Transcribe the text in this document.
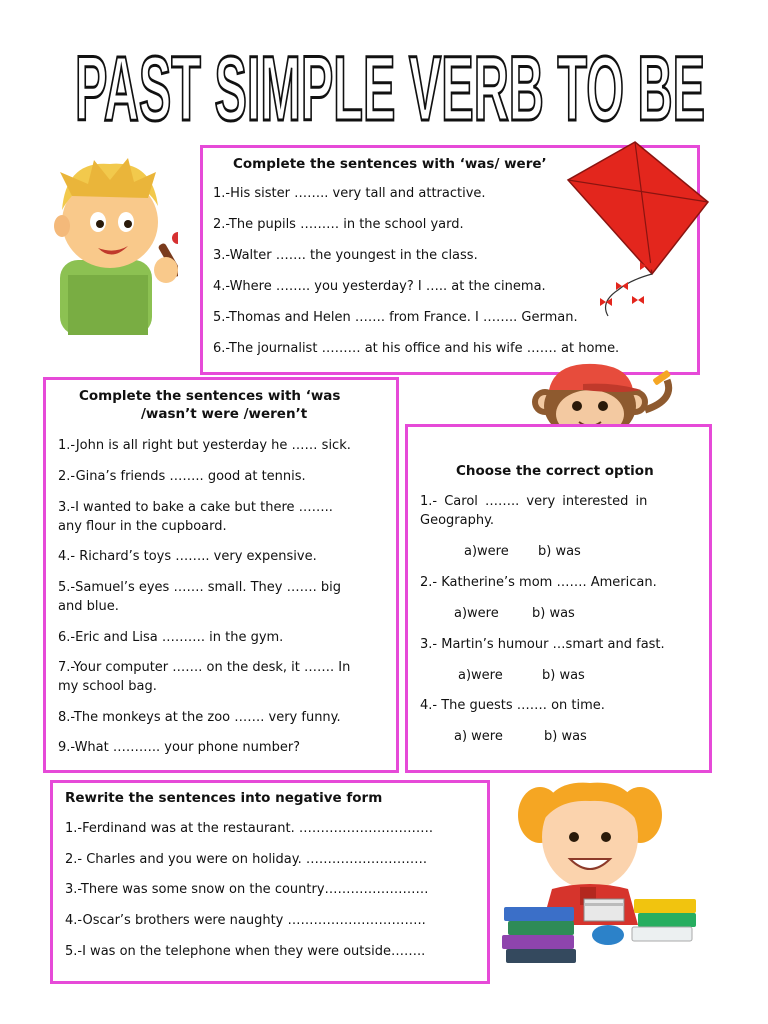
PAST SIMPLE VERB TO BE
Complete the sentences with ‘was/ were’
1.-His sister …….. very tall and attractive.
2.-The pupils ……… in the school yard.
3.-Walter ……. the youngest in the class.
4.-Where …….. you yesterday? I ….. at the cinema.
5.-Thomas and Helen ……. from France. I …….. German.
6.-The journalist ……… at his office and his wife ……. at home.
Complete the sentences with ‘was
/wasn’t were /weren’t
1.-John is all right but yesterday he …… sick.
2.-Gina’s friends …….. good at tennis.
3.-I wanted to bake a cake but there ……..
any flour in the cupboard.
4.- Richard’s toys …….. very expensive.
5.-Samuel’s eyes ……. small. They ……. big
and blue.
6.-Eric and Lisa ………. in the gym.
7.-Your computer ……. on the desk, it ……. In
my school bag.
8.-The monkeys at the zoo ……. very funny.
9.-What ……….. your phone number?
Choose the correct option
1.- Carol …….. very interested in
Geography.
a)were b) was
2.- Katherine’s mom ……. American.
a)were	b) was
3.- Martin’s humour …smart and fast.
a)were	b) was
4.- The guests ……. on time.
a) were	b) was
Rewrite the sentences into negative form
1.-Ferdinand was at the restaurant. ………………………….
2.- Charles and you were on holiday. ……………………….
3.-There was some snow on the country……………………
4.-Oscar’s brothers were naughty …………………………..
5.-I was on the telephone when they were outside……..
